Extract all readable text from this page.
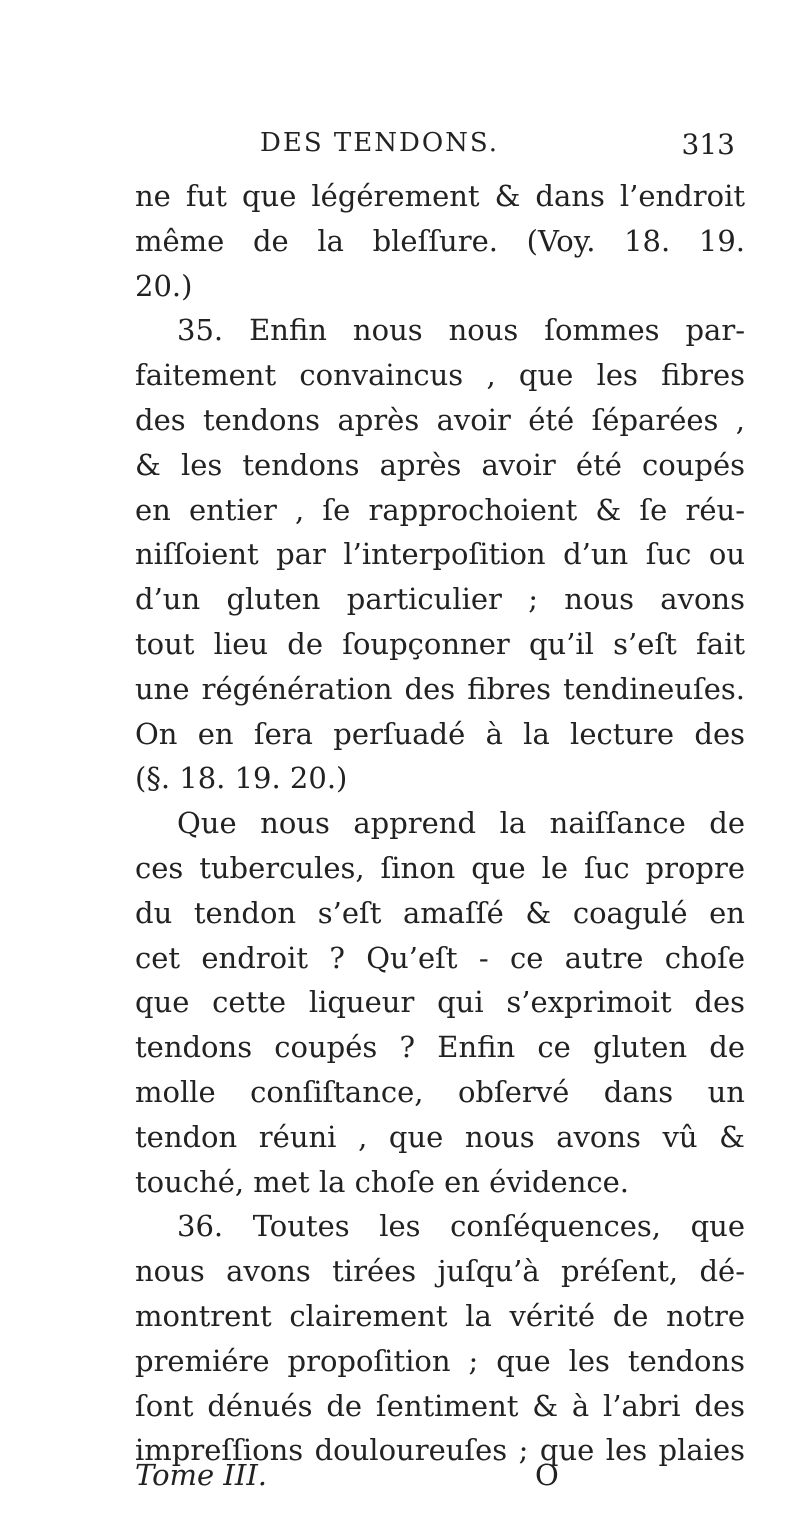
DES TENDONS.	313
ne fut que légérement & dans l’endroit
même de la bleſſure. (Voy. 18. 19.
20.)
35. Enfin nous nous ſommes par-
faitement convaincus , que les fibres
des tendons après avoir été ſéparées ,
& les tendons après avoir été coupés
en entier , ſe rapprochoient & ſe réu-
niſſoient par l’interpoſition d’un ſuc ou
d’un gluten particulier ; nous avons
tout lieu de ſoupçonner qu’il s’eſt fait
une régénération des fibres tendineuſes.
On en ſera perſuadé à la lecture des
(§. 18. 19. 20.)
Que nous apprend la naiſſance de
ces tubercules, ſinon que le ſuc propre
du tendon s’eſt amaſſé & coagulé en
cet endroit ? Qu’eſt - ce autre choſe
que cette liqueur qui s’exprimoit des
tendons coupés ? Enfin ce gluten de
molle conſiſtance, obſervé dans un
tendon réuni , que nous avons vû &
touché, met la choſe en évidence.
36. Toutes les conſéquences, que
nous avons tirées juſqu’à préſent, dé-
montrent clairement la vérité de notre
premiére propoſition ; que les tendons
ſont dénués de ſentiment & à l’abri des
impreſſions douloureuſes ; que les plaies
Tome III.	O
